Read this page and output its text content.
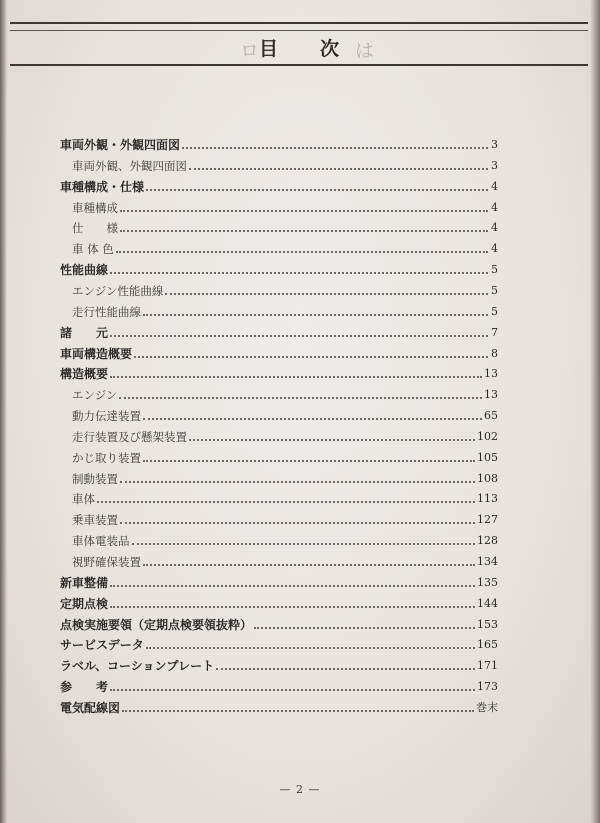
ロ	は
目 次
車両外観・外観四面図	3
車両外観、外観四面図	3
車種構成・仕様	4
車種構成	4
仕　　様	4
車 体 色	4
性能曲線	5
エンジン性能曲線	5
走行性能曲線	5
諸　　元	7
車両構造概要	8
構造概要	13
エンジン	13
動力伝達装置	65
走行装置及び懸架装置	102
かじ取り装置	105
制動装置	108
車体	113
乗車装置	127
車体電装品	128
視野確保装置	134
新車整備	135
定期点検	144
点検実施要領（定期点検要領抜粋）	153
サービスデータ	165
ラベル、コーションプレート	171
参　　考	173
電気配線図	巻末
— 2 —
